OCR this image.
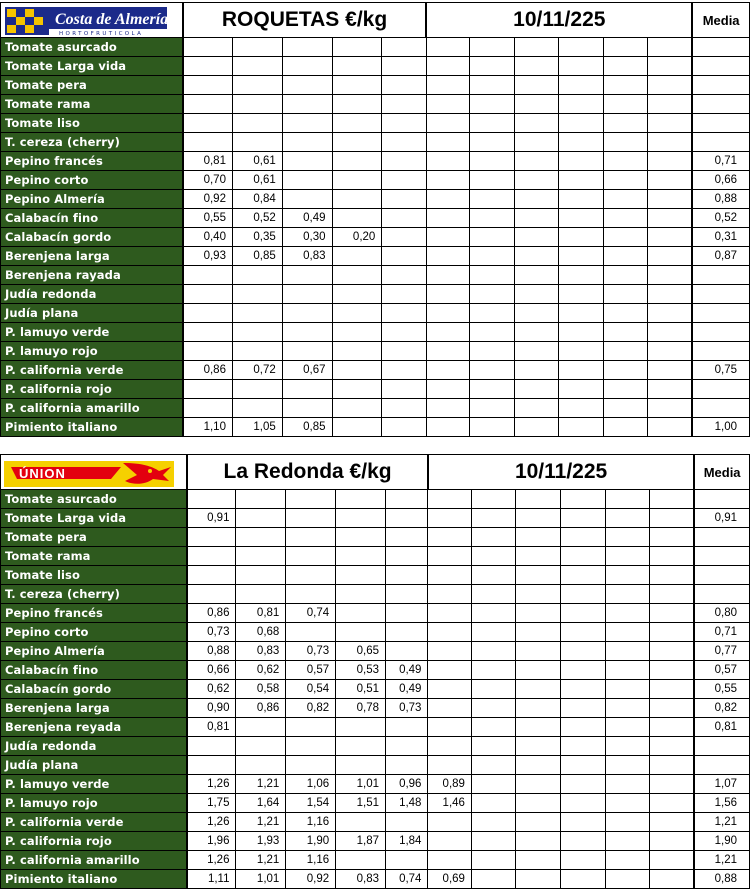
Costa de Almería
HORTOFRUTICOLA	ROQUETAS €/kg					10/11/225						Media
Tomate asurcado												
Tomate Larga vida												
Tomate pera												
Tomate rama												
Tomate liso												
T. cereza (cherry)												
Pepino francés	0,81	0,61										0,71
Pepino corto	0,70	0,61										0,66
Pepino Almería	0,92	0,84										0,88
Calabacín fino	0,55	0,52	0,49									0,52
Calabacín gordo	0,40	0,35	0,30	0,20								0,31
Berenjena larga	0,93	0,85	0,83									0,87
Berenjena rayada												
Judía redonda												
Judía plana												
P. lamuyo verde												
P. lamuyo rojo												
P. california verde	0,86	0,72	0,67									0,75
P. california rojo												
P. california amarillo												
Pimiento italiano	1,10	1,05	0,85									1,00
ÚNION	La Redonda €/kg					10/11/225						Media
Tomate asurcado												
Tomate Larga vida	0,91											0,91
Tomate pera												
Tomate rama												
Tomate liso												
T. cereza (cherry)												
Pepino francés	0,86	0,81	0,74									0,80
Pepino corto	0,73	0,68										0,71
Pepino Almería	0,88	0,83	0,73	0,65								0,77
Calabacín fino	0,66	0,62	0,57	0,53	0,49							0,57
Calabacín gordo	0,62	0,58	0,54	0,51	0,49							0,55
Berenjena larga	0,90	0,86	0,82	0,78	0,73							0,82
Berenjena reyada	0,81											0,81
Judía redonda												
Judía plana												
P. lamuyo verde	1,26	1,21	1,06	1,01	0,96	0,89						1,07
P. lamuyo rojo	1,75	1,64	1,54	1,51	1,48	1,46						1,56
P. california verde	1,26	1,21	1,16									1,21
P. california rojo	1,96	1,93	1,90	1,87	1,84							1,90
P. california amarillo	1,26	1,21	1,16									1,21
Pimiento italiano	1,11	1,01	0,92	0,83	0,74	0,69						0,88
